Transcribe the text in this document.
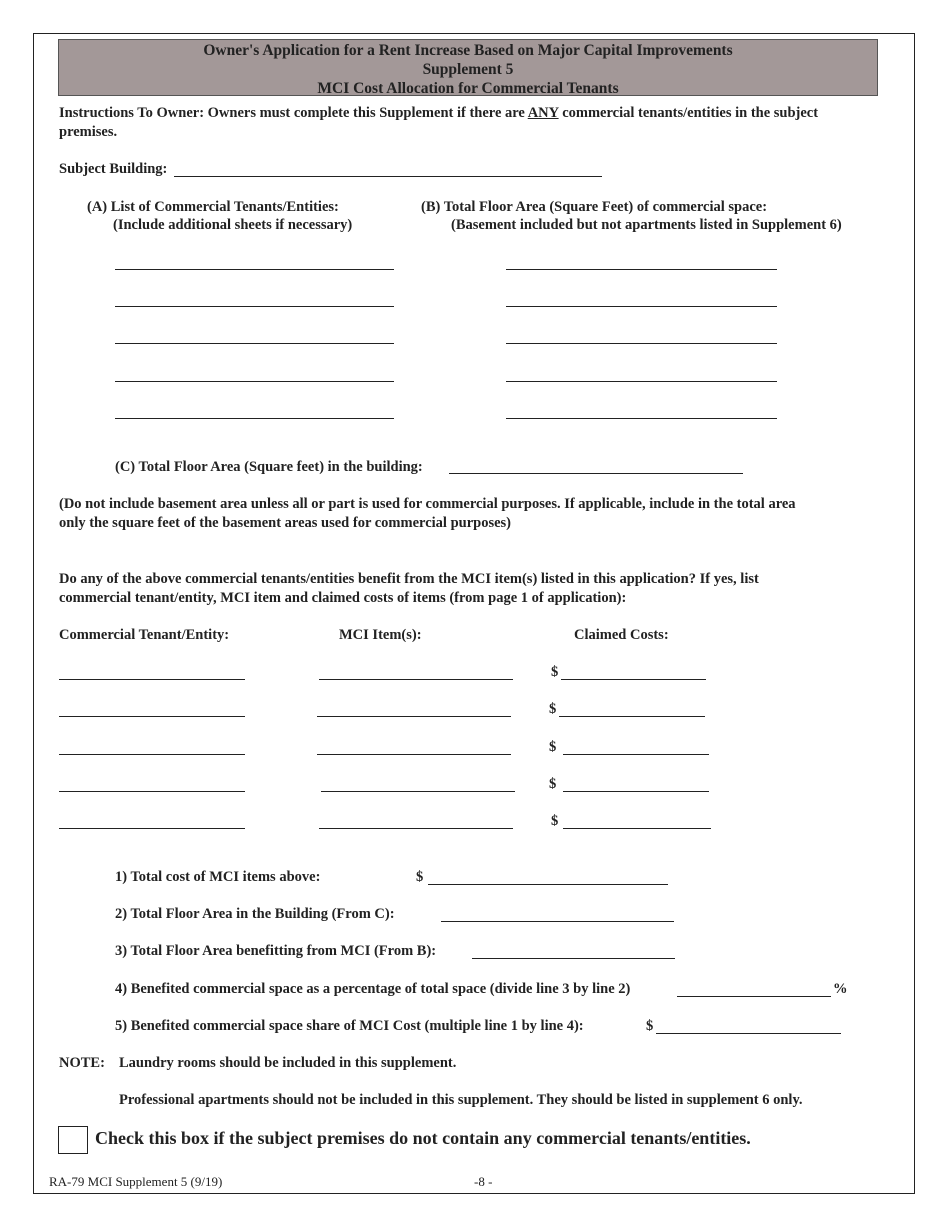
Owner's Application for a Rent Increase Based on Major Capital Improvements
Supplement 5
MCI Cost Allocation for Commercial Tenants
Instructions To Owner: Owners must complete this Supplement if there are ANY commercial tenants/entities in the subject
premises.
Subject Building:
(A) List of Commercial Tenants/Entities:
(Include additional sheets if necessary)
(B) Total Floor Area (Square Feet) of commercial space:
(Basement included but not apartments listed in Supplement 6)
(C) Total Floor Area (Square feet) in the building:
(Do not include basement area unless all or part is used for commercial purposes. If applicable, include in the total area
only the square feet of the basement areas used for commercial purposes)
Do any of the above commercial tenants/entities benefit from the MCI item(s) listed in this application? If yes, list
commercial tenant/entity, MCI item and claimed costs of items (from page 1 of application):
Commercial Tenant/Entity:	MCI Item(s):	Claimed Costs:
$
$
$
$
$
1) Total cost of MCI items above:	$
2) Total Floor Area in the Building (From C):
3) Total Floor Area benefitting from MCI (From B):
4) Benefited commercial space as a percentage of total space (divide line 3 by line 2)	%
5) Benefited commercial space share of MCI Cost (multiple line 1 by line 4):	$
NOTE: Laundry rooms should be included in this supplement.
Professional apartments should not be included in this supplement. They should be listed in supplement 6 only.
Check this box if the subject premises do not contain any commercial tenants/entities.
RA-79 MCI Supplement 5 (9/19)	-8 -
